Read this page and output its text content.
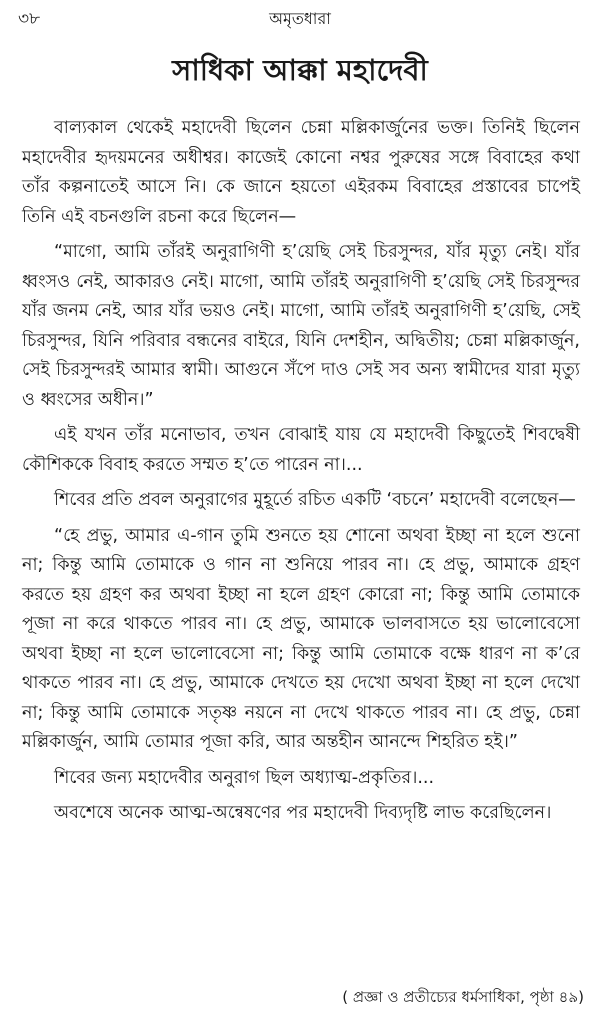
৩৮	অমৃতধারা
সাধিকা আক্কা মহাদেবী

বাল্যকাল থেকেই মহাদেবী ছিলেন চেন্না মল্লিকার্জুনের ভক্ত। তিনিই ছিলেন মহাদেবীর হৃদয়মনের অধীশ্বর। কাজেই কোনো নশ্বর পুরুষের সঙ্গে বিবাহের কথা তাঁর কল্পনাতেই আসে নি। কে জানে হয়তো এইরকম বিবাহের প্রস্তাবের চাপেই তিনি এই বচনগুলি রচনা করে ছিলেন—

“মাগো, আমি তাঁরই অনুরাগিণী হ’য়েছি সেই চিরসুন্দর, যাঁর মৃত্যু নেই। যাঁর ধ্বংসও নেই, আকারও নেই। মাগো, আমি তাঁরই অনুরাগিণী হ’য়েছি সেই চিরসুন্দর যাঁর জনম নেই, আর যাঁর ভয়ও নেই। মাগো, আমি তাঁরই অনুরাগিণী হ’য়েছি, সেই চিরসুন্দর, যিনি পরিবার বন্ধনের বাইরে, যিনি দেশহীন, অদ্বিতীয়; চেন্না মল্লিকার্জুন, সেই চিরসুন্দরই আমার স্বামী। আগুনে সঁপে দাও সেই সব অন্য স্বামীদের যারা মৃত্যু ও ধ্বংসের অধীন।”

এই যখন তাঁর মনোভাব, তখন বোঝাই যায় যে মহাদেবী কিছুতেই শিবদ্বেষী কৌশিককে বিবাহ করতে সম্মত হ’তে পারেন না।...

শিবের প্রতি প্রবল অনুরাগের মুহূর্তে রচিত একটি ‘বচনে’ মহাদেবী বলেছেন—

“হে প্রভু, আমার এ-গান তুমি শুনতে হয় শোনো অথবা ইচ্ছা না হলে শুনো না; কিন্তু আমি তোমাকে ও গান না শুনিয়ে পারব না। হে প্রভু, আমাকে গ্রহণ করতে হয় গ্রহণ কর অথবা ইচ্ছা না হলে গ্রহণ কোরো না; কিন্তু আমি তোমাকে পূজা না করে থাকতে পারব না। হে প্রভু, আমাকে ভালবাসতে হয় ভালোবেসো অথবা ইচ্ছা না হলে ভালোবেসো না; কিন্তু আমি তোমাকে বক্ষে ধারণ না ক’রে থাকতে পারব না। হে প্রভু, আমাকে দেখতে হয় দেখো অথবা ইচ্ছা না হলে দেখো না; কিন্তু আমি তোমাকে সতৃষ্ণ নয়নে না দেখে থাকতে পারব না। হে প্রভু, চেন্না মল্লিকার্জুন, আমি তোমার পূজা করি, আর অন্তহীন আনন্দে শিহরিত হই।”

শিবের জন্য মহাদেবীর অনুরাগ ছিল অধ্যাত্ম-প্রকৃতির।...

অবশেষে অনেক আত্ম-অন্বেষণের পর মহাদেবী দিব্যদৃষ্টি লাভ করেছিলেন।

( প্রজ্ঞা ও প্রতীচ্যের ধর্মসাধিকা, পৃষ্ঠা ৪৯)
